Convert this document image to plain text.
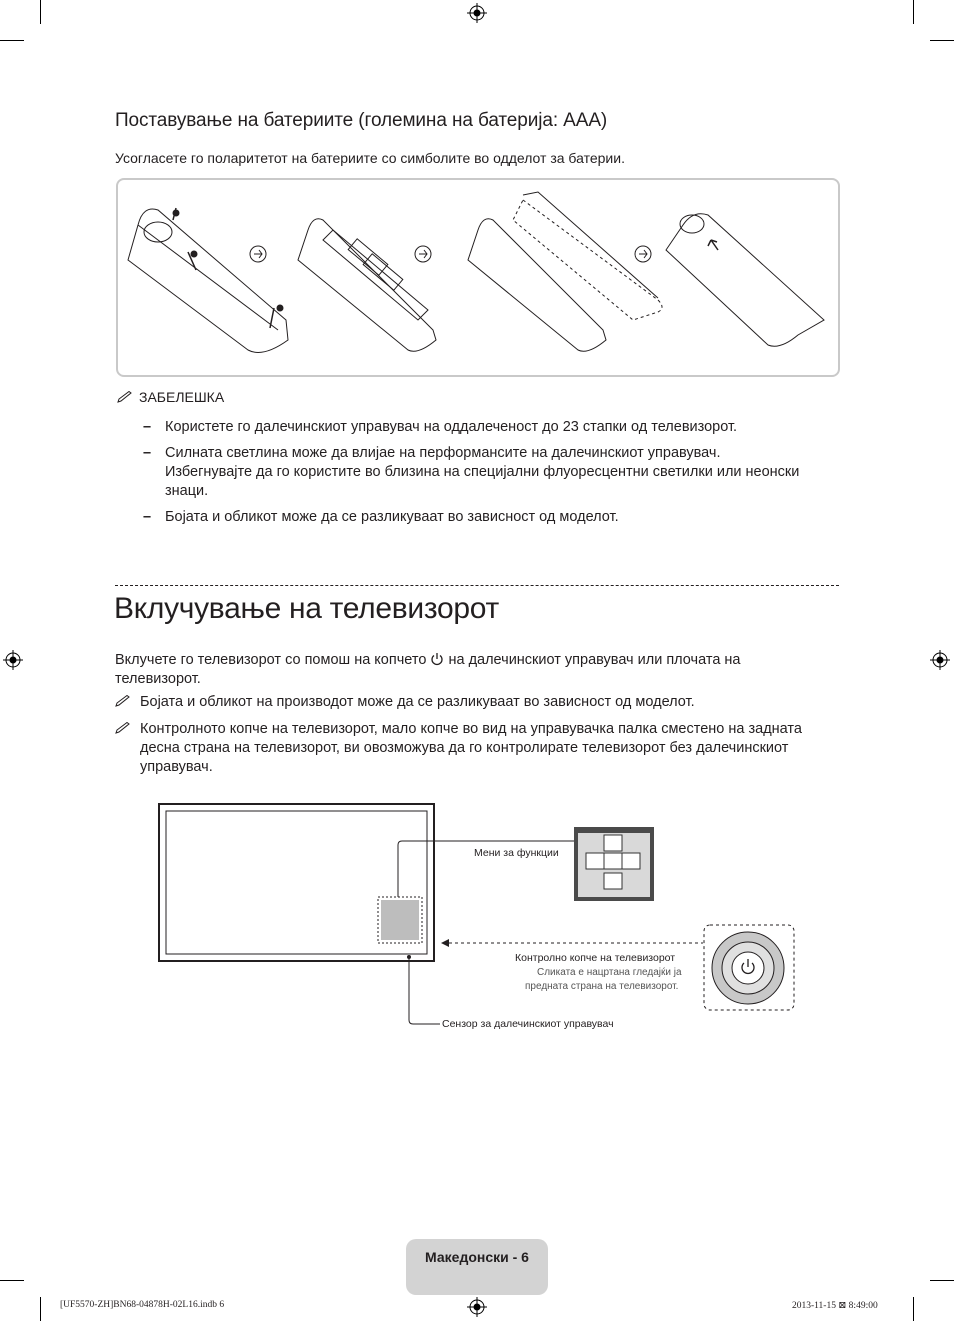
Поставување на батериите (големина на батерија: AAA)
Усогласете го поларитетот на батериите со симболите во одделот за батерии.
ЗАБЕЛЕШКА
– Користете го далечинскиот управувач на оддалеченост до 23 стапки од телевизорот.
– Силната светлина може да влијае на перформансите на далечинскиот управувач. Избегнувајте да го користите во близина на специјални флуоресцентни светилки или неонски знаци.
– Бојата и обликот може да се разликуваат во зависност од моделот.
Вклучување на телевизорот
Вклучете го телевизорот со помош на копчето на далечинскиот управувач или плочата на телевизорот.
Бојата и обликот на производот може да се разликуваат во зависност од моделот.
Контролното копче на телевизорот, мало копче во вид на управувачка палка сместено на задната десна страна на телевизорот, ви овозможува да го контролирате телевизорот без далечинскиот управувач.
Мени за функции
Контролно копче на телевизорот
Сликата е нацртана гледајќи ја
предната страна на телевизорот.
Сензор за далечинскиот управувач
Македонски - 6
[UF5570-ZH]BN68-04878H-02L16.indb 6	2013-11-15 ⊠ 8:49:00
